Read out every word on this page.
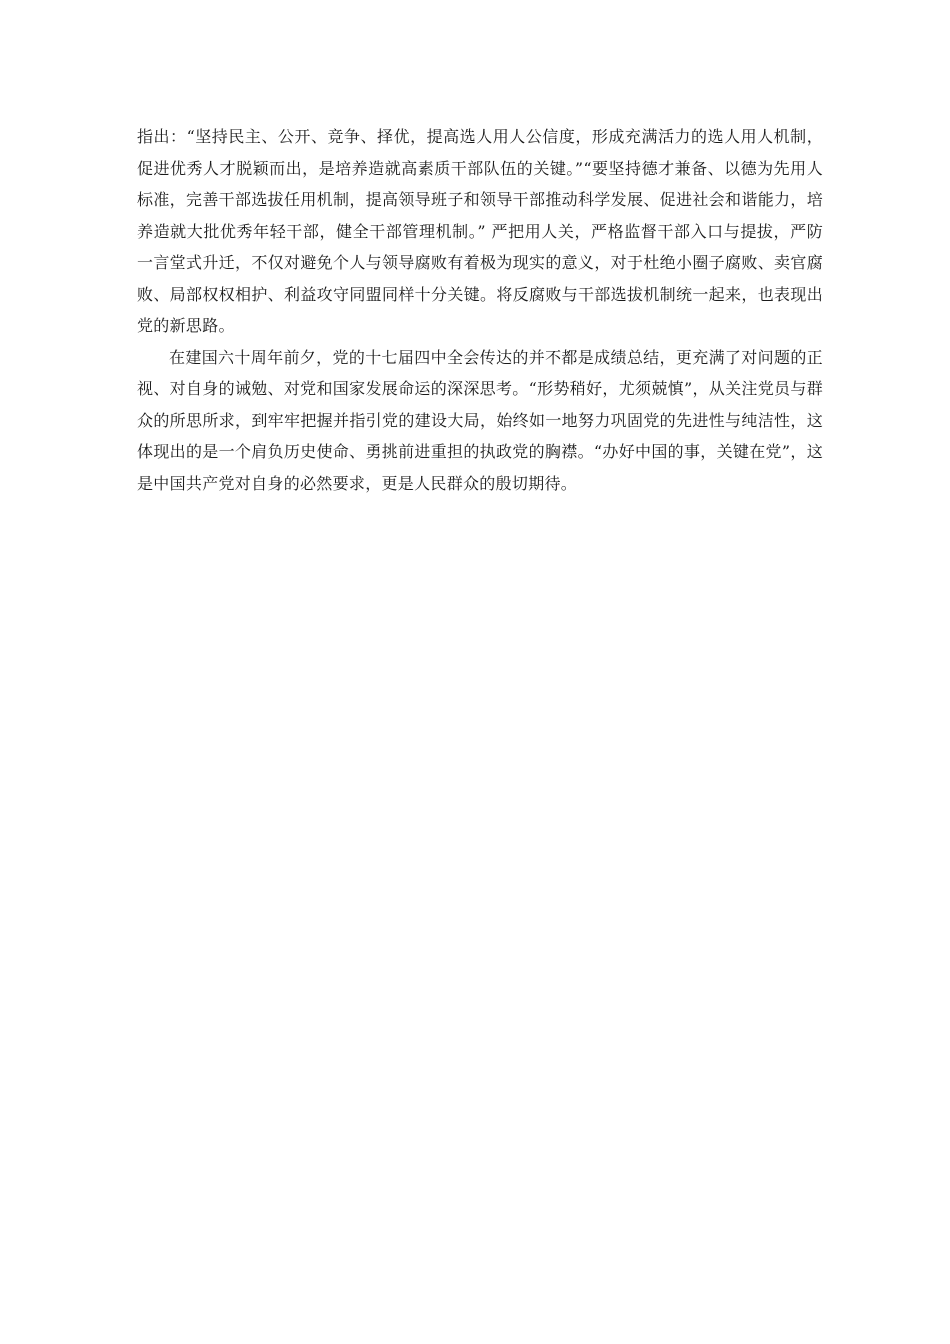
指出：“坚持民主、公开、竞争、择优，提高选人用人公信度，形成充满活力的选人用人机制，促进优秀人才脱颖而出，是培养造就高素质干部队伍的关键。”“要坚持德才兼备、以德为先用人标准，完善干部选拔任用机制，提高领导班子和领导干部推动科学发展、促进社会和谐能力，培养造就大批优秀年轻干部，健全干部管理机制。” 严把用人关，严格监督干部入口与提拔，严防一言堂式升迁，不仅对避免个人与领导腐败有着极为现实的意义，对于杜绝小圈子腐败、卖官腐败、局部权权相护、利益攻守同盟同样十分关键。将反腐败与干部选拔机制统一起来，也表现出党的新思路。

在建国六十周年前夕，党的十七届四中全会传达的并不都是成绩总结，更充满了对问题的正视、对自身的诫勉、对党和国家发展命运的深深思考。“形势稍好，尤须兢慎”，从关注党员与群众的所思所求，到牢牢把握并指引党的建设大局，始终如一地努力巩固党的先进性与纯洁性，这体现出的是一个肩负历史使命、勇挑前进重担的执政党的胸襟。“办好中国的事，关键在党”，这是中国共产党对自身的必然要求，更是人民群众的殷切期待。
